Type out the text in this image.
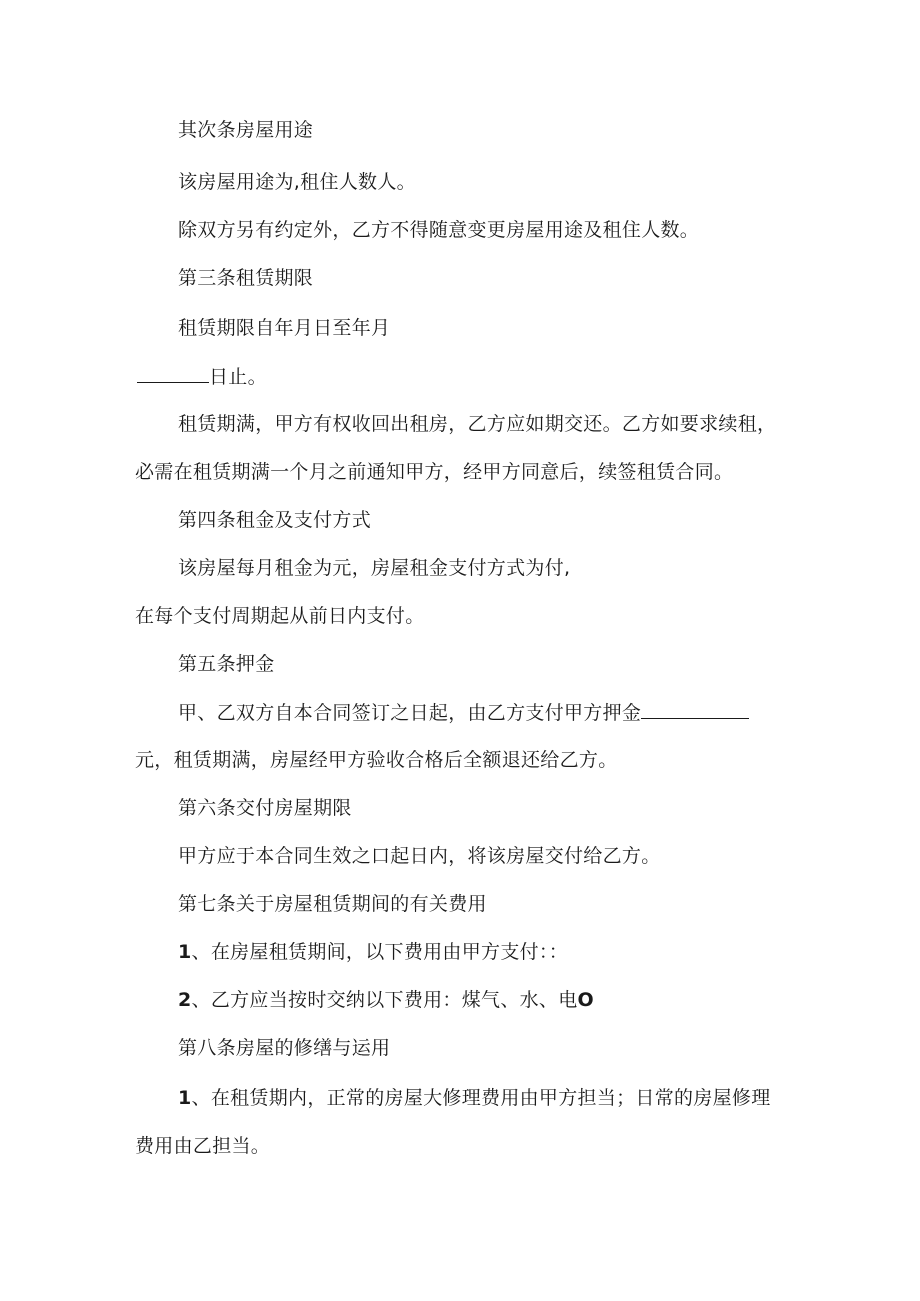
其次条房屋用途
该房屋用途为,租住人数人。
除双方另有约定外，乙方不得随意变更房屋用途及租住人数。
第三条租赁期限
租赁期限自年月日至年月
日止。
租赁期满，甲方有权收回出租房，乙方应如期交还。乙方如要求续租，
必需在租赁期满一个月之前通知甲方，经甲方同意后，续签租赁合同。
第四条租金及支付方式
该房屋每月租金为元，房屋租金支付方式为付,
在每个支付周期起从前日内支付。
第五条押金
甲、乙双方自本合同签订之日起，由乙方支付甲方押金
元，租赁期满，房屋经甲方验收合格后全额退还给乙方。
第六条交付房屋期限
甲方应于本合同生效之口起日内，将该房屋交付给乙方。
第七条关于房屋租赁期间的有关费用
1、在房屋租赁期间，以下费用由甲方支付：：
2、乙方应当按时交纳以下费用：煤气、水、电O
第八条房屋的修缮与运用
1、在租赁期内，正常的房屋大修理费用由甲方担当；日常的房屋修理
费用由乙担当。
